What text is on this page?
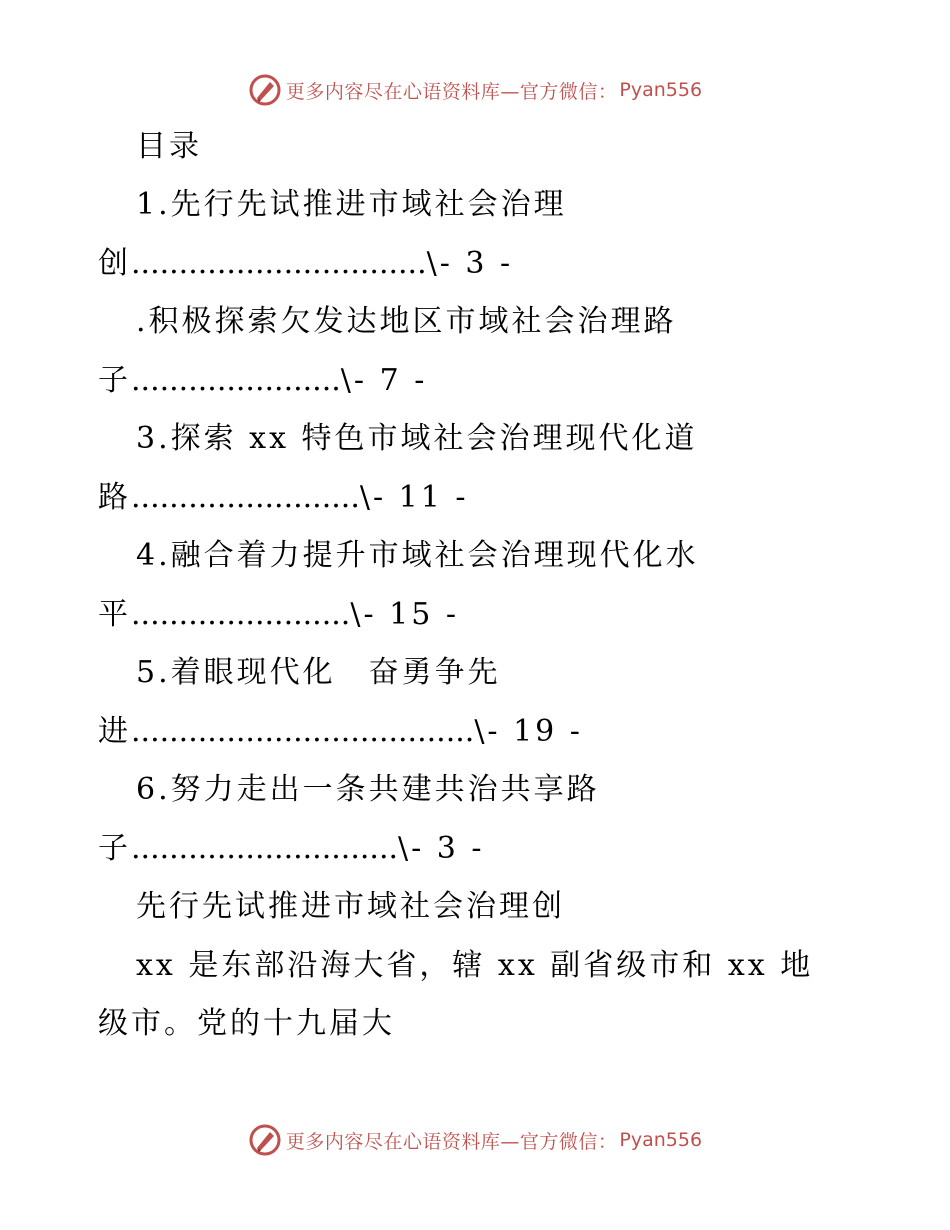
更多内容尽在心语资料库—官方微信： Pyan556
目录
1.先行先试推进市域社会治理
创...............................\- 3 -
.积极探索欠发达地区市域社会治理路
子......................\- 7 -
3.探索 xx 特色市域社会治理现代化道
路........................\- 11 -
4.融合着力提升市域社会治理现代化水
平.......................\- 15 -
5.着眼现代化　奋勇争先
进....................................\- 19 -
6.努力走出一条共建共治共享路
子............................\- 3 -
先行先试推进市域社会治理创
xx 是东部沿海大省，辖 xx 副省级市和 xx 地
级市。党的十九届大
更多内容尽在心语资料库—官方微信： Pyan556
